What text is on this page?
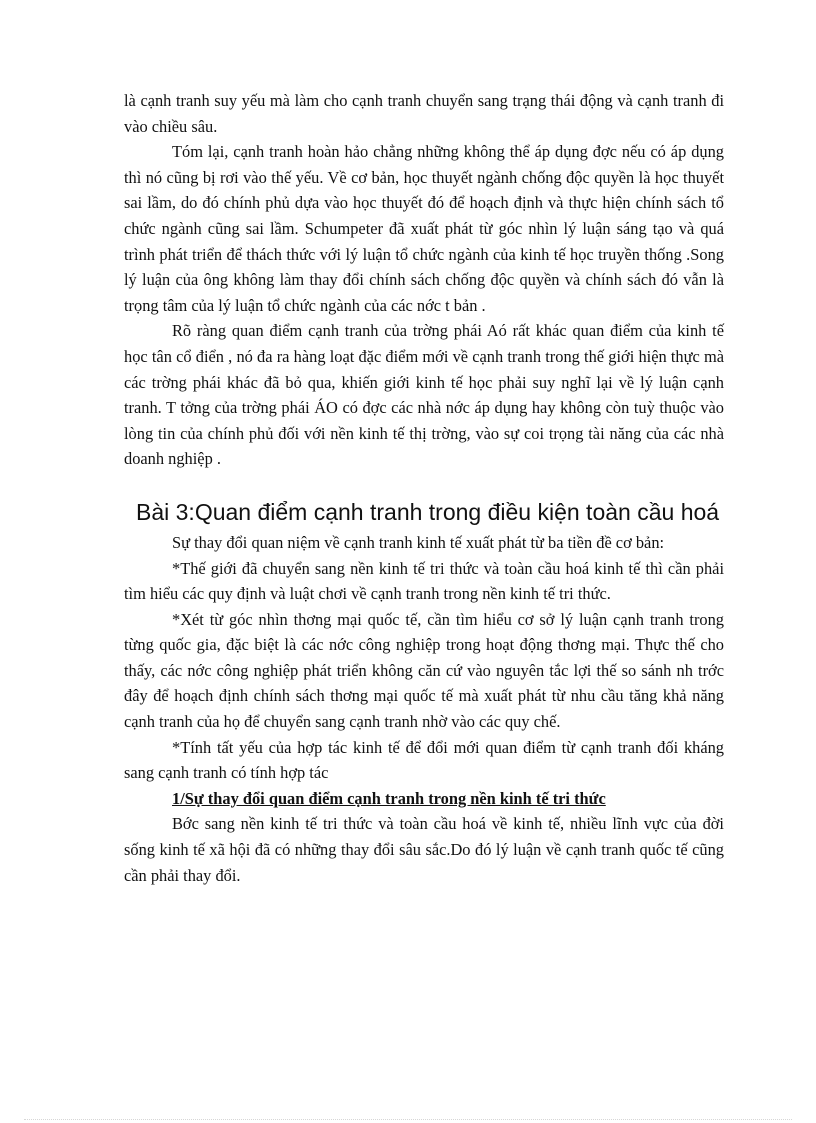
là cạnh tranh suy yếu mà làm cho cạnh tranh chuyển sang trạng thái động và cạnh tranh đi vào chiều sâu.

Tóm lại, cạnh tranh hoàn hảo chẳng những không thể áp dụng đợc nếu có áp dụng thì nó cũng bị rơi vào thế yếu. Về cơ bản, học thuyết ngành chống độc quyền là học thuyết sai lầm, do đó chính phủ dựa vào học thuyết đó để hoạch định và thực hiện chính sách tổ chức ngành cũng sai lầm. Schumpeter đã xuất phát từ góc nhìn lý luận sáng tạo và quá trình phát triển để thách thức với lý luận tổ chức ngành của kinh tế học truyền thống .Song lý luận của ông không làm thay đổi chính sách chống độc quyền và chính sách đó vẫn là trọng tâm của lý luận tổ chức ngành của các nớc t bản .

Rõ ràng quan điểm cạnh tranh của trờng phái Aó rất khác quan điểm của kinh tế học tân cổ điển , nó đa ra hàng loạt đặc điểm mới về cạnh tranh trong thế giới hiện thực mà các trờng phái khác đã bỏ qua, khiến giới kinh tế học phải suy nghĩ lại về lý luận cạnh tranh. T tởng của trờng phái ÁO có đợc các nhà nớc áp dụng hay không còn tuỳ thuộc vào lòng tin của chính phủ đối với nền kinh tế thị trờng, vào sự coi trọng tài năng của các nhà doanh nghiệp .

Bài 3:Quan điểm cạnh tranh trong điều kiện toàn cầu hoá

Sự thay đổi quan niệm về cạnh tranh kinh tế xuất phát từ ba tiền đề cơ bản:

*Thế giới đã chuyển sang nền kinh tế tri thức và toàn cầu hoá kinh tế thì cần phải tìm hiểu các quy định và luật chơi về cạnh tranh trong nền kinh tế tri thức.

*Xét từ góc nhìn thơng mại quốc tế, cần tìm hiểu cơ sở lý luận cạnh tranh trong từng quốc gia, đặc biệt là các nớc công nghiệp trong hoạt động thơng mại. Thực thế cho thấy, các nớc công nghiệp phát triển không căn cứ vào nguyên tắc lợi thế so sánh nh trớc đây để hoạch định chính sách thơng mại quốc tế mà xuất phát từ nhu cầu tăng khả năng cạnh tranh của họ để chuyển sang cạnh tranh nhờ vào các quy chế.

*Tính tất yếu của hợp tác kinh tế để đổi mới quan điểm từ cạnh tranh đối kháng sang cạnh tranh có tính hợp tác

1/Sự thay đổi quan điểm cạnh tranh trong nền kinh tế tri thức

Bớc sang nền kinh tế tri thức và toàn cầu hoá về kinh tế, nhiều lĩnh vực của đời sống kinh tế xã hội đã có những thay đổi sâu sắc.Do đó lý luận về cạnh tranh quốc tế cũng cần phải thay đổi.
